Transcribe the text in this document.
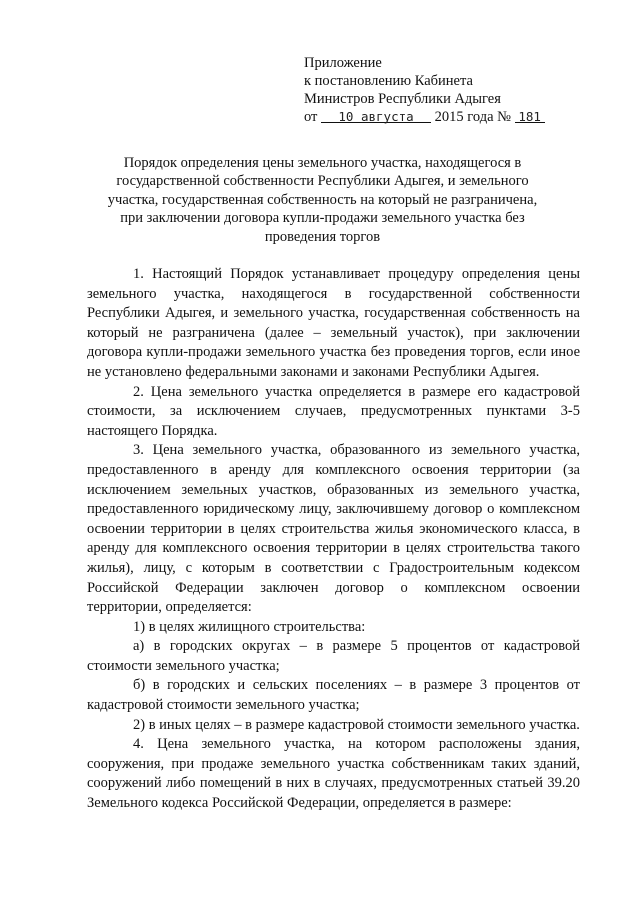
Приложение
к постановлению Кабинета
Министров Республики Адыгея
от 10 августа 2015 года № 181
Порядок определения цены земельного участка, находящегося в государственной собственности Республики Адыгея, и земельного участка, государственная собственность на который не разграничена, при заключении договора купли-продажи земельного участка без проведения торгов

1. Настоящий Порядок устанавливает процедуру определения цены земельного участка, находящегося в государственной собственности Республики Адыгея, и земельного участка, государственная собственность на который не разграничена (далее – земельный участок), при заключении договора купли-продажи земельного участка без проведения торгов, если иное не установлено федеральными законами и законами Республики Адыгея.

2. Цена земельного участка определяется в размере его кадастровой стоимости, за исключением случаев, предусмотренных пунктами 3-5 настоящего Порядка.

3. Цена земельного участка, образованного из земельного участка, предоставленного в аренду для комплексного освоения территории (за исключением земельных участков, образованных из земельного участка, предоставленного юридическому лицу, заключившему договор о комплексном освоении территории в целях строительства жилья экономического класса, в аренду для комплексного освоения территории в целях строительства такого жилья), лицу, с которым в соответствии с Градостроительным кодексом Российской Федерации заключен договор о комплексном освоении территории, определяется:

1) в целях жилищного строительства:

а) в городских округах – в размере 5 процентов от кадастровой стоимости земельного участка;

б) в городских и сельских поселениях – в размере 3 процентов от кадастровой стоимости земельного участка;

2) в иных целях – в размере кадастровой стоимости земельного участка.

4. Цена земельного участка, на котором расположены здания, сооружения, при продаже земельного участка собственникам таких зданий, сооружений либо помещений в них в случаях, предусмотренных статьей 39.20 Земельного кодекса Российской Федерации, определяется в размере:
